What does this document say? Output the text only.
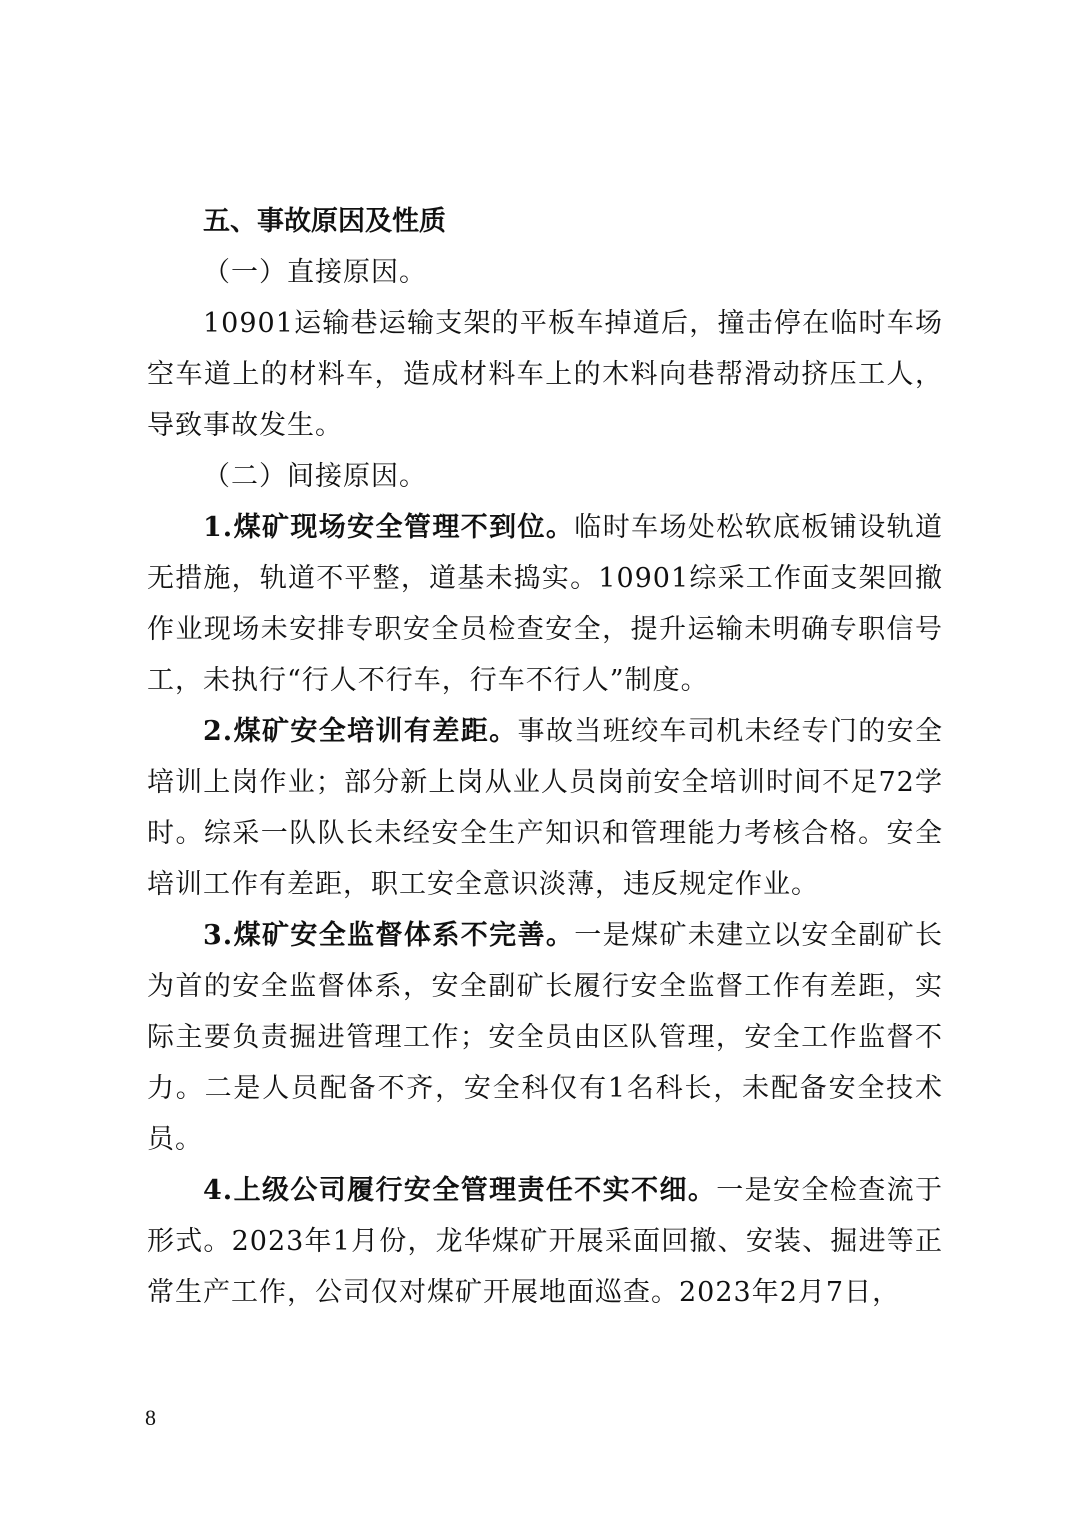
五、事故原因及性质

（一）直接原因。

10901运输巷运输支架的平板车掉道后，撞击停在临时车场空车道上的材料车，造成材料车上的木料向巷帮滑动挤压工人，导致事故发生。

（二）间接原因。

1.煤矿现场安全管理不到位。临时车场处松软底板铺设轨道无措施，轨道不平整，道基未捣实。10901综采工作面支架回撤作业现场未安排专职安全员检查安全，提升运输未明确专职信号工，未执行“行人不行车，行车不行人”制度。

2.煤矿安全培训有差距。事故当班绞车司机未经专门的安全培训上岗作业；部分新上岗从业人员岗前安全培训时间不足72学时。综采一队队长未经安全生产知识和管理能力考核合格。安全培训工作有差距，职工安全意识淡薄，违反规定作业。

3.煤矿安全监督体系不完善。一是煤矿未建立以安全副矿长为首的安全监督体系，安全副矿长履行安全监督工作有差距，实际主要负责掘进管理工作；安全员由区队管理，安全工作监督不力。二是人员配备不齐，安全科仅有1名科长，未配备安全技术员。

4.上级公司履行安全管理责任不实不细。一是安全检查流于形式。2023年1月份，龙华煤矿开展采面回撤、安装、掘进等正常生产工作，公司仅对煤矿开展地面巡查。2023年2月7日，

8
